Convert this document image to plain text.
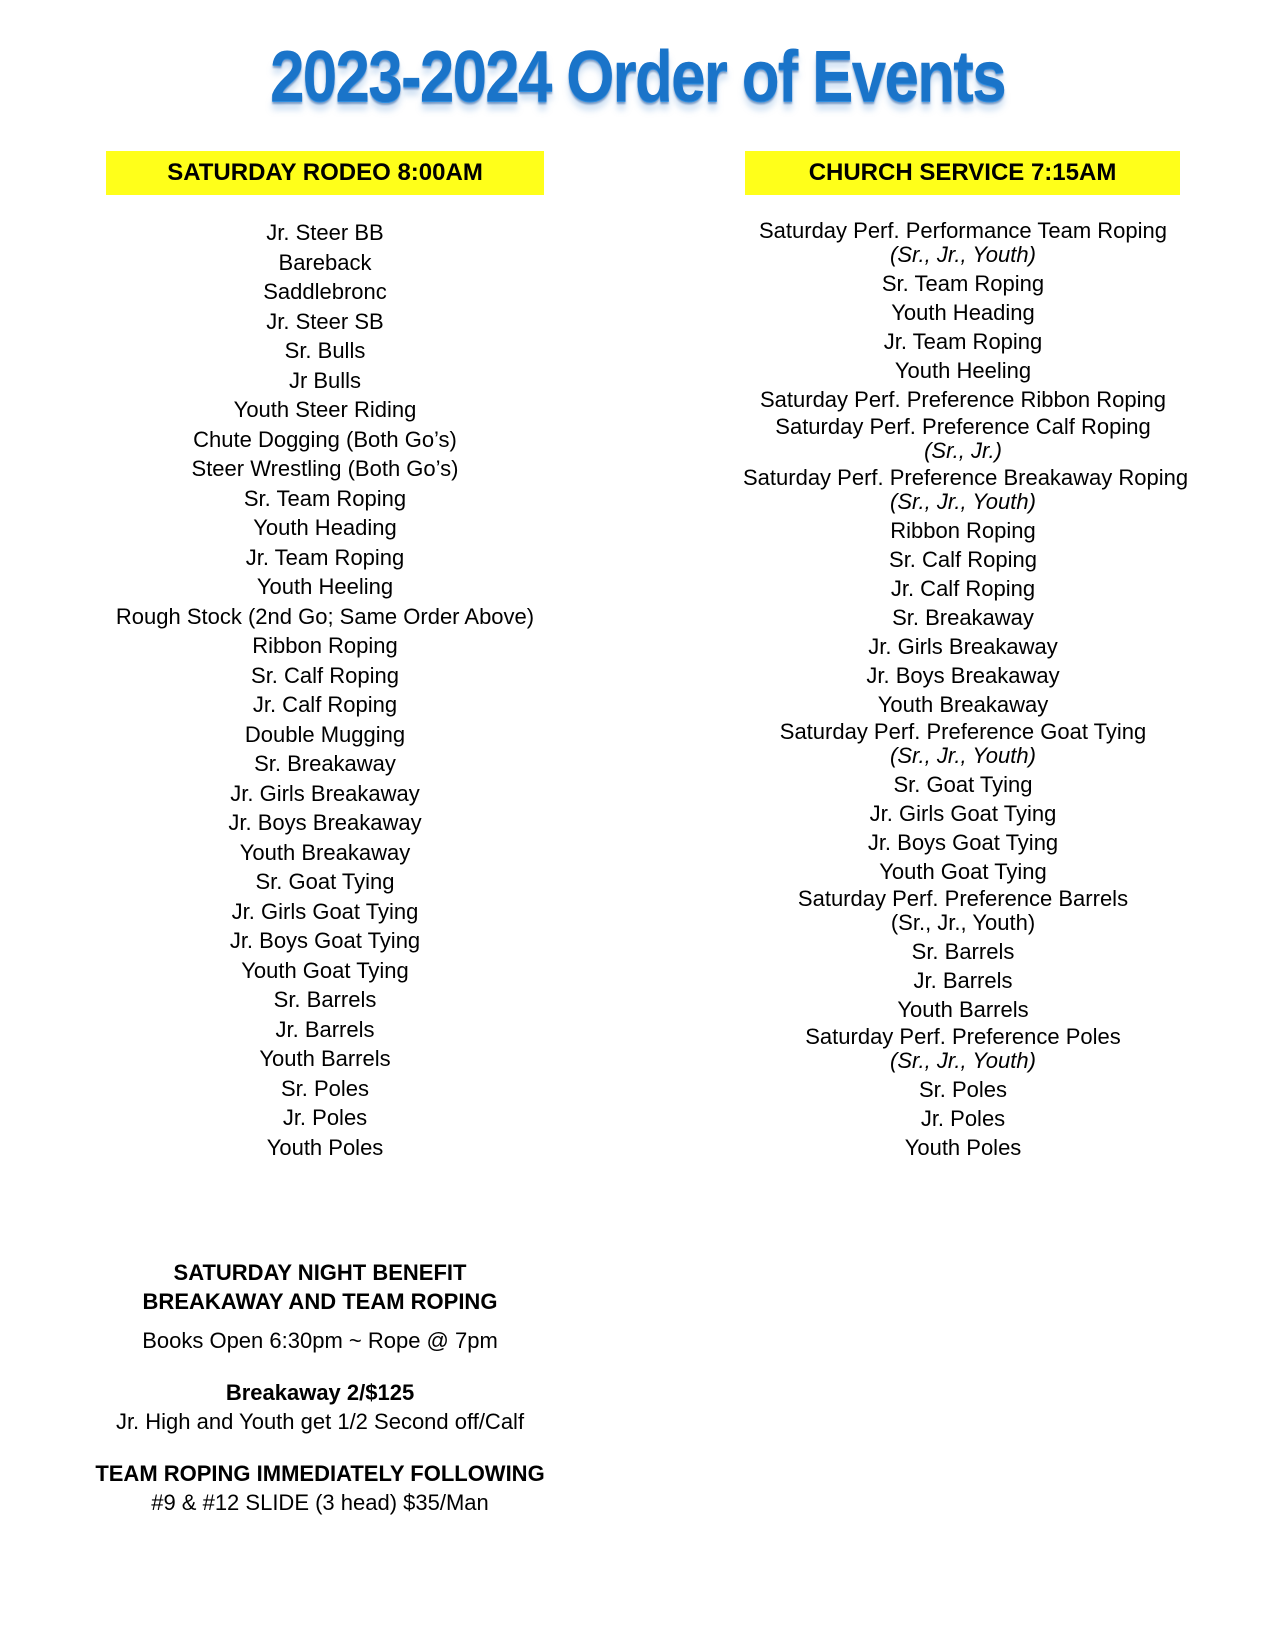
2023-2024 Order of Events
SATURDAY RODEO 8:00AM	CHURCH SERVICE 7:15AM
Jr. Steer BB
Bareback
Saddlebronc
Jr. Steer SB
Sr. Bulls
Jr Bulls
Youth Steer Riding
Chute Dogging (Both Go’s)
Steer Wrestling (Both Go’s)
Sr. Team Roping
Youth Heading
Jr. Team Roping
Youth Heeling
Rough Stock (2nd Go; Same Order Above)
Ribbon Roping
Sr. Calf Roping
Jr. Calf Roping
Double Mugging
Sr. Breakaway
Jr. Girls Breakaway
Jr. Boys Breakaway
Youth Breakaway
Sr. Goat Tying
Jr. Girls Goat Tying
Jr. Boys Goat Tying
Youth Goat Tying
Sr. Barrels
Jr. Barrels
Youth Barrels
Sr. Poles
Jr. Poles
Youth Poles
Saturday Perf. Performance Team Roping
(Sr., Jr., Youth)
Sr. Team Roping
Youth Heading
Jr. Team Roping
Youth Heeling
Saturday Perf. Preference Ribbon Roping
Saturday Perf. Preference Calf Roping
(Sr., Jr.)
Saturday Perf. Preference Breakaway Roping
(Sr., Jr., Youth)
Ribbon Roping
Sr. Calf Roping
Jr. Calf Roping
Sr. Breakaway
Jr. Girls Breakaway
Jr. Boys Breakaway
Youth Breakaway
Saturday Perf. Preference Goat Tying
(Sr., Jr., Youth)
Sr. Goat Tying
Jr. Girls Goat Tying
Jr. Boys Goat Tying
Youth Goat Tying
Saturday Perf. Preference Barrels
(Sr., Jr., Youth)
Sr. Barrels
Jr. Barrels
Youth Barrels
Saturday Perf. Preference Poles
(Sr., Jr., Youth)
Sr. Poles
Jr. Poles
Youth Poles
SATURDAY NIGHT BENEFIT
BREAKAWAY AND TEAM ROPING
Books Open 6:30pm ~ Rope @ 7pm
Breakaway 2/$125
Jr. High and Youth get 1/2 Second off/Calf
TEAM ROPING IMMEDIATELY FOLLOWING
#9 & #12 SLIDE (3 head) $35/Man
